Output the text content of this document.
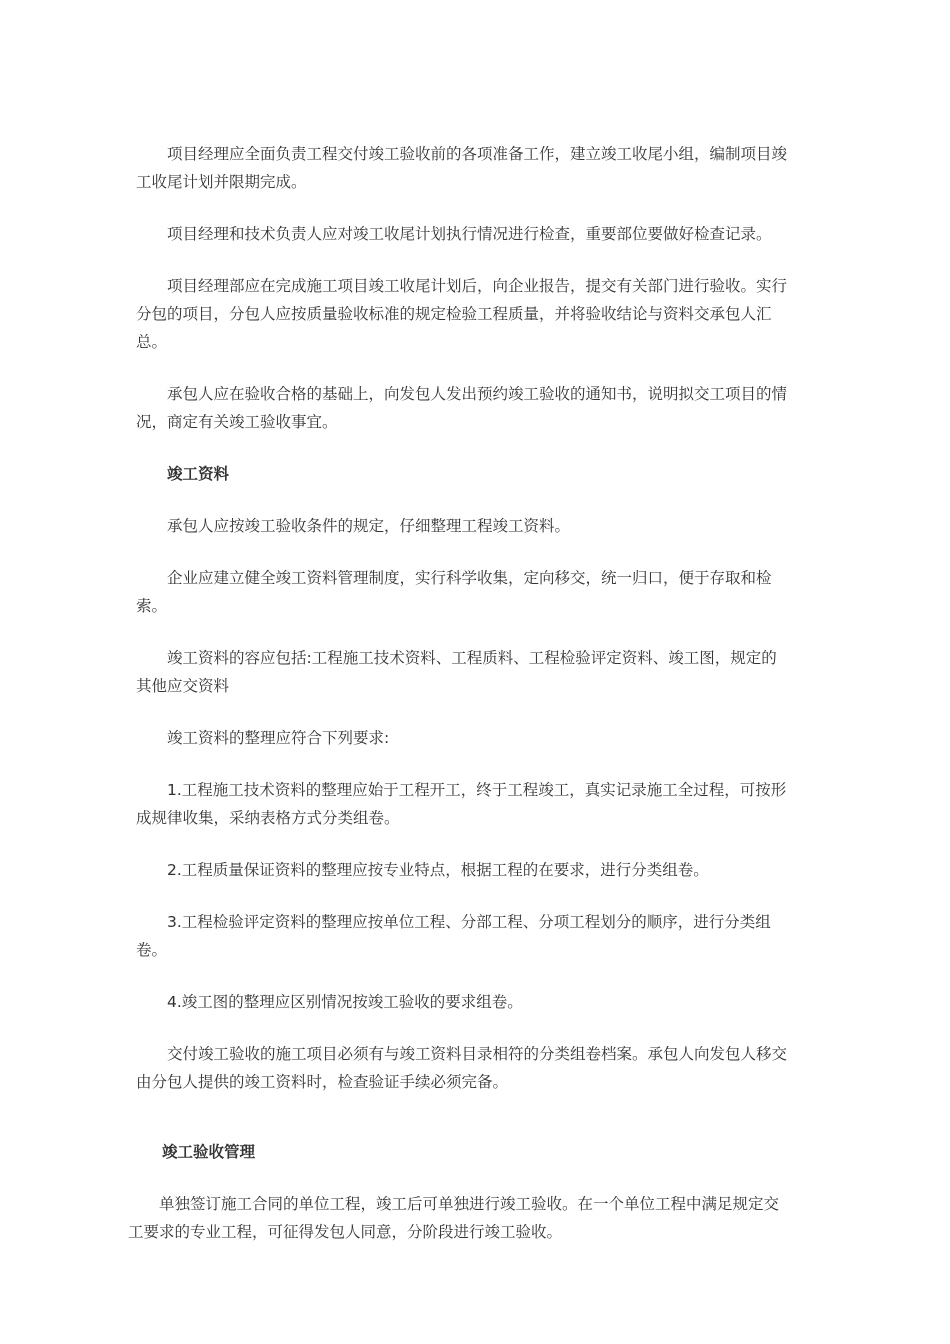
项目经理应全面负责工程交付竣工验收前的各项准备工作，建立竣工收尾小组，编制项目竣工收尾计划并限期完成。

项目经理和技术负责人应对竣工收尾计划执行情况进行检查，重要部位要做好检查记录。

项目经理部应在完成施工项目竣工收尾计划后，向企业报告，提交有关部门进行验收。实行分包的项目，分包人应按质量验收标准的规定检验工程质量，并将验收结论与资料交承包人汇总。

承包人应在验收合格的基础上，向发包人发出预约竣工验收的通知书，说明拟交工项目的情况，商定有关竣工验收事宜。

竣工资料

承包人应按竣工验收条件的规定，仔细整理工程竣工资料。

企业应建立健全竣工资料管理制度，实行科学收集，定向移交，统一归口，便于存取和检索。

竣工资料的容应包括:工程施工技术资料、工程质料、工程检验评定资料、竣工图，规定的其他应交资料

竣工资料的整理应符合下列要求:

1.工程施工技术资料的整理应始于工程开工，终于工程竣工，真实记录施工全过程，可按形成规律收集，采纳表格方式分类组卷。

2.工程质量保证资料的整理应按专业特点，根据工程的在要求，进行分类组卷。

3.工程检验评定资料的整理应按单位工程、分部工程、分项工程划分的顺序，进行分类组卷。

4.竣工图的整理应区别情况按竣工验收的要求组卷。

交付竣工验收的施工项目必须有与竣工资料目录相符的分类组卷档案。承包人向发包人移交由分包人提供的竣工资料时，检查验证手续必须完备。

竣工验收管理

单独签订施工合同的单位工程，竣工后可单独进行竣工验收。在一个单位工程中满足规定交工要求的专业工程，可征得发包人同意，分阶段进行竣工验收。
